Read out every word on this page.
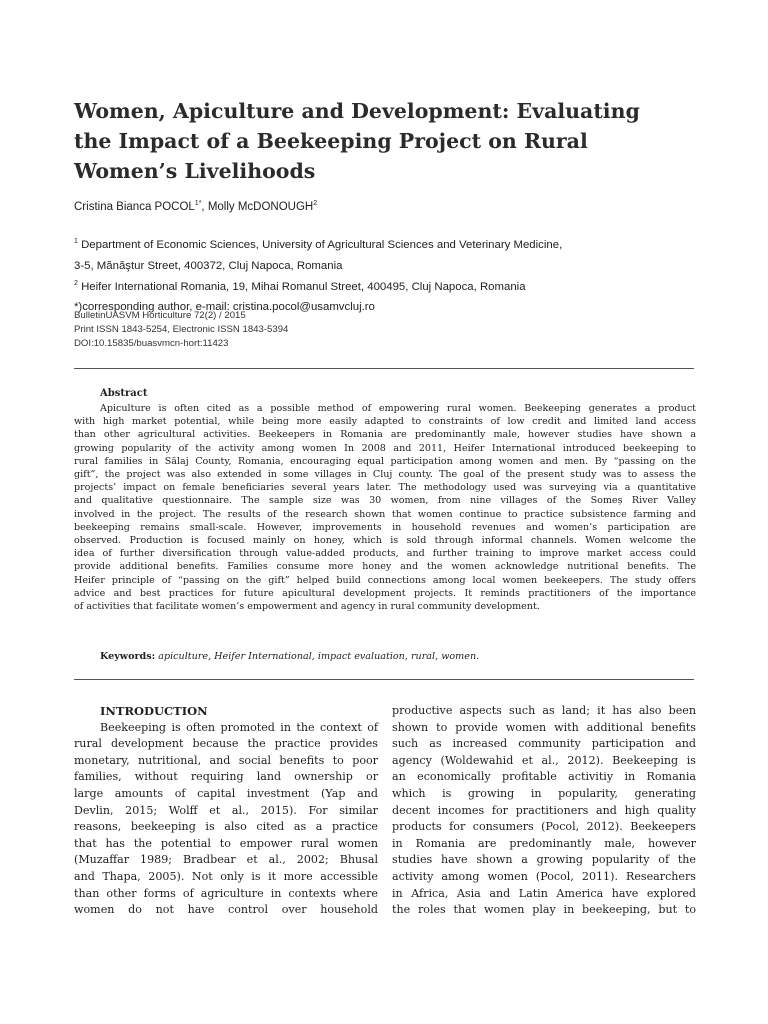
Women, Apiculture and Development: Evaluating
the Impact of a Beekeeping Project on Rural
Women’s Livelihoods
Cristina Bianca $POCOL^{1*}$, Molly McDONOUGH$^2$
$^1$ Department of Economic Sciences, University of Agricultural Sciences and Veterinary Medicine,
3-5, Mănăştur Street, 400372, Cluj Napoca, Romania
$^2$ Heifer International Romania, 19, Mihai Romanul Street, 400495, Cluj Napoca, Romania
*)corresponding author, e-mail: cristina.pocol@usamvcluj.ro
BulletinUASVM Horticulture 72(2) / 2015
Print ISSN 1843-5254, Electronic ISSN 1843-5394
DOI:10.15835/buasvmcn-hort:11423
Abstract
Apiculture is often cited as a possible method of empowering rural women. Beekeeping generates a product
with high market potential, while being more easily adapted to constraints of low credit and limited land access
than other agricultural activities. Beekeepers in Romania are predominantly male, however studies have shown a
growing popularity of the activity among women In 2008 and 2011, Heifer International introduced beekeeping to
rural families in Sălaj County, Romania, encouraging equal participation among women and men. By “passing on the
gift”, the project was also extended in some villages in Cluj county. The goal of the present study was to assess the
projects’ impact on female beneficiaries several years later. The methodology used was surveying via a quantitative
and qualitative questionnaire. The sample size was 30 women, from nine villages of the Someș River Valley
involved in the project. The results of the research shown that women continue to practice subsistence farming and
beekeeping remains small-scale. However, improvements in household revenues and women’s participation are
observed. Production is focused mainly on honey, which is sold through informal channels. Women welcome the
idea of further diversification through value-added products, and further training to improve market access could
provide additional benefits. Families consume more honey and the women acknowledge nutritional benefits. The
Heifer principle of “passing on the gift” helped build connections among local women beekeepers. The study offers
advice and best practices for future apicultural development projects. It reminds practitioners of the importance
of activities that facilitate women’s empowerment and agency in rural community development.
Keywords: apiculture, Heifer International, impact evaluation, rural, women.
INTRODUCTION
Beekeeping is often promoted in the context of
rural development because the practice provides
monetary, nutritional, and social benefits to poor
families, without requiring land ownership or
large amounts of capital investment (Yap and
Devlin, 2015; Wolff et al., 2015). For similar
reasons, beekeeping is also cited as a practice
that has the potential to empower rural women
(Muzaffar 1989; Bradbear et al., 2002; Bhusal
and Thapa, 2005). Not only is it more accessible
than other forms of agriculture in contexts where
women do not have control over household
productive aspects such as land; it has also been
shown to provide women with additional benefits
such as increased community participation and
agency (Woldewahid et al., 2012). Beekeeping is
an economically profitable activitiy in Romania
which is growing in popularity, generating
decent incomes for practitioners and high quality
products for consumers (Pocol, 2012). Beekeepers
in Romania are predominantly male, however
studies have shown a growing popularity of the
activity among women (Pocol, 2011). Researchers
in Africa, Asia and Latin America have explored
the roles that women play in beekeeping, but to
